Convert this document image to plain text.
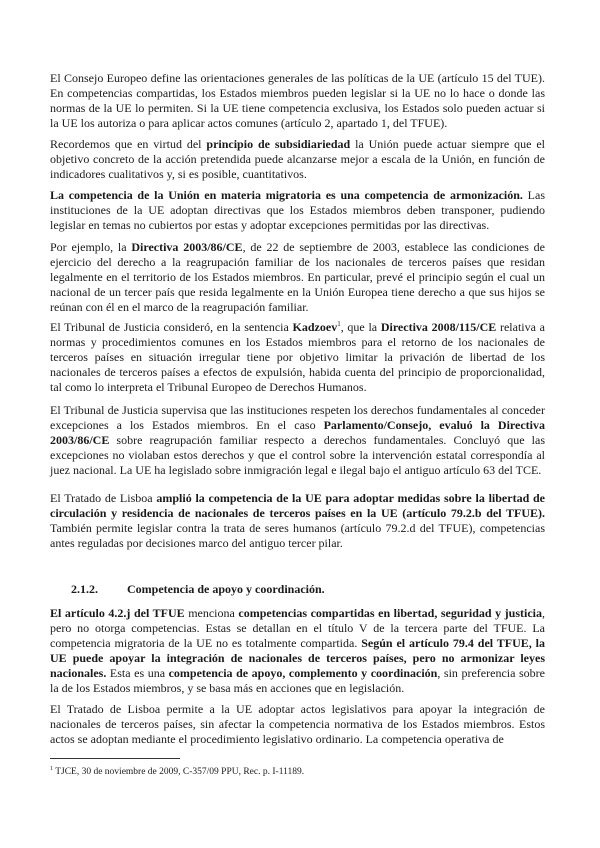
El Consejo Europeo define las orientaciones generales de las políticas de la UE (artículo 15 del TUE). En competencias compartidas, los Estados miembros pueden legislar si la UE no lo hace o donde las normas de la UE lo permiten. Si la UE tiene competencia exclusiva, los Estados solo pueden actuar si la UE los autoriza o para aplicar actos comunes (artículo 2, apartado 1, del TFUE).

Recordemos que en virtud del principio de subsidiariedad la Unión puede actuar siempre que el objetivo concreto de la acción pretendida puede alcanzarse mejor a escala de la Unión, en función de indicadores cualitativos y, si es posible, cuantitativos.

La competencia de la Unión en materia migratoria es una competencia de armonización. Las instituciones de la UE adoptan directivas que los Estados miembros deben transponer, pudiendo legislar en temas no cubiertos por estas y adoptar excepciones permitidas por las directivas.

Por ejemplo, la Directiva 2003/86/CE, de 22 de septiembre de 2003, establece las condiciones de ejercicio del derecho a la reagrupación familiar de los nacionales de terceros países que residan legalmente en el territorio de los Estados miembros. En particular, prevé el principio según el cual un nacional de un tercer país que resida legalmente en la Unión Europea tiene derecho a que sus hijos se reúnan con él en el marco de la reagrupación familiar.

El Tribunal de Justicia consideró, en la sentencia Kadzoev$^1$, que la Directiva 2008/115/CE relativa a normas y procedimientos comunes en los Estados miembros para el retorno de los nacionales de terceros países en situación irregular tiene por objetivo limitar la privación de libertad de los nacionales de terceros países a efectos de expulsión, habida cuenta del principio de proporcionalidad, tal como lo interpreta el Tribunal Europeo de Derechos Humanos.

El Tribunal de Justicia supervisa que las instituciones respeten los derechos fundamentales al conceder excepciones a los Estados miembros. En el caso Parlamento/Consejo, evaluó la Directiva 2003/86/CE sobre reagrupación familiar respecto a derechos fundamentales. Concluyó que las excepciones no violaban estos derechos y que el control sobre la intervención estatal correspondía al juez nacional. La UE ha legislado sobre inmigración legal e ilegal bajo el antiguo artículo 63 del TCE.

El Tratado de Lisboa amplió la competencia de la UE para adoptar medidas sobre la libertad de circulación y residencia de nacionales de terceros países en la UE (artículo 79.2.b del TFUE). También permite legislar contra la trata de seres humanos (artículo 79.2.d del TFUE), competencias antes reguladas por decisiones marco del antiguo tercer pilar.

2.1.2. Competencia de apoyo y coordinación.

El artículo 4.2.j del TFUE menciona competencias compartidas en libertad, seguridad y justicia, pero no otorga competencias. Estas se detallan en el título V de la tercera parte del TFUE. La competencia migratoria de la UE no es totalmente compartida. Según el artículo 79.4 del TFUE, la UE puede apoyar la integración de nacionales de terceros países, pero no armonizar leyes nacionales. Esta es una competencia de apoyo, complemento y coordinación, sin preferencia sobre la de los Estados miembros, y se basa más en acciones que en legislación.

El Tratado de Lisboa permite a la UE adoptar actos legislativos para apoyar la integración de nacionales de terceros países, sin afectar la competencia normativa de los Estados miembros. Estos actos se adoptan mediante el procedimiento legislativo ordinario. La competencia operativa de

$^1$ TJCE, 30 de noviembre de 2009, C-357/09 PPU, Rec. p. I-11189.
